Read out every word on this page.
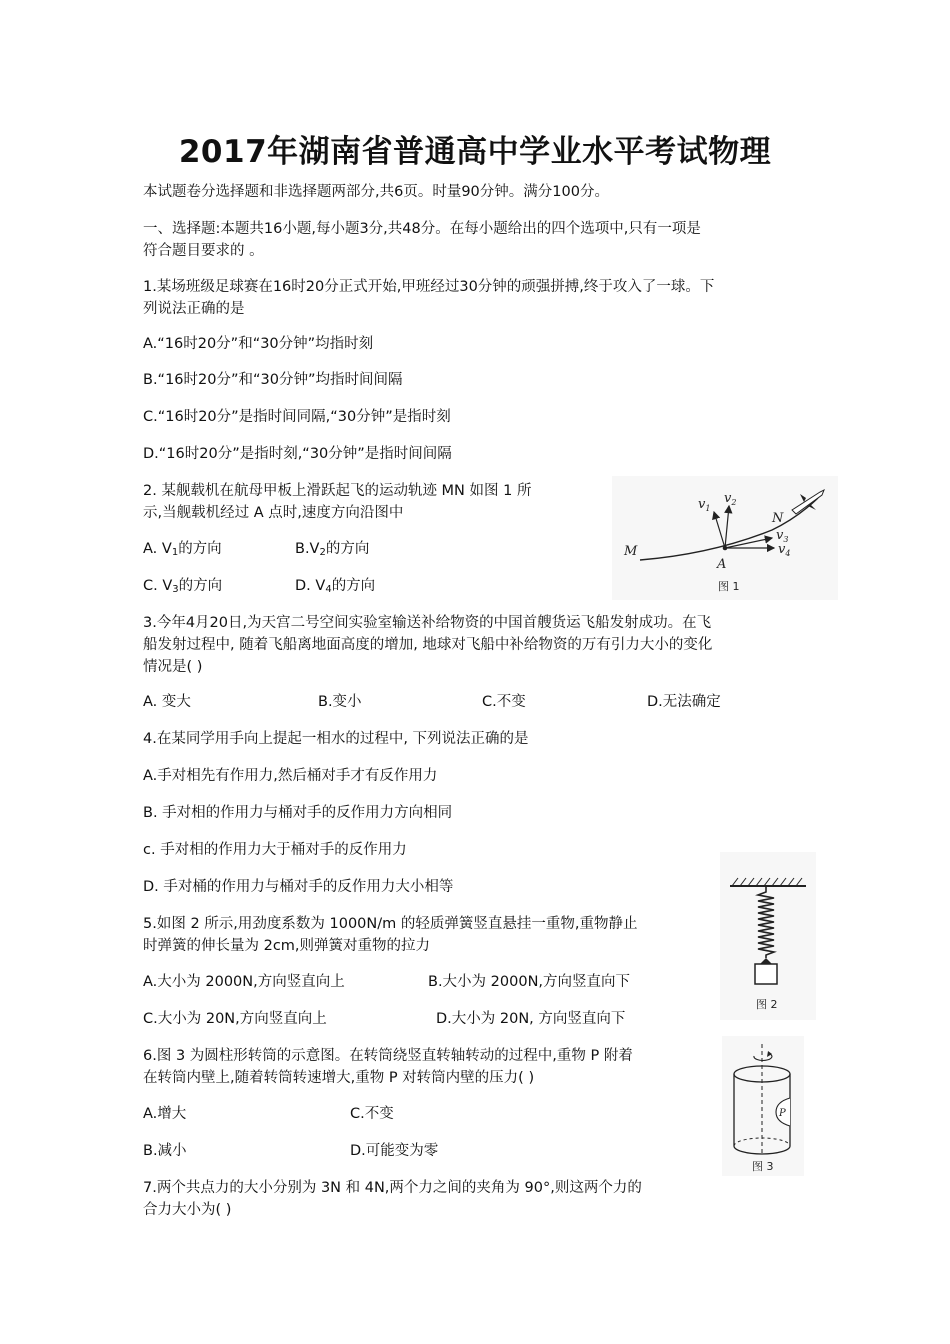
2017年湖南省普通高中学业水平考试物理
本试题卷分选择题和非选择题两部分,共6页。时量90分钟。满分100分。
一、选择题:本题共16小题,每小题3分,共48分。在每小题给出的四个选项中,只有一项是
符合题目要求的 。
1.某场班级足球赛在16时20分正式开始,甲班经过30分钟的顽强拼搏,终于攻入了一球。下
列说法正确的是
A.“16时20分”和“30分钟”均指时刻
B.“16时20分”和“30分钟”均指时间间隔
C.“16时20分”是指时间同隔,“30分钟”是指时刻
D.“16时20分”是指时刻,“30分钟”是指时间间隔
2. 某舰载机在航母甲板上滑跃起飞的运动轨迹 MN 如图 1 所
示,当舰载机经过 A 点时,速度方向沿图中
A. $V_1$的方向	$B.V_2$的方向
C. $V_3$的方向	D. $V_4$的方向
M
N
A
$v_1$
$v_2$
$v_3$
$v_4$
图 1
3.今年4月20日,为天宫二号空间实验室输送补给物资的中国首艘货运飞船发射成功。在飞
船发射过程中, 随着飞船离地面高度的增加, 地球对飞船中补给物资的万有引力大小的变化
情况是( )
A. 变大	B.变小	C.不变	D.无法确定
4.在某同学用手向上提起一相水的过程中, 下列说法正确的是
A.手对相先有作用力,然后桶对手才有反作用力
B. 手对相的作用力与桶对手的反作用力方向相同
c. 手对相的作用力大于桶对手的反作用力
D. 手对桶的作用力与桶对手的反作用力大小相等
5.如图 2 所示,用劲度系数为 1000N/m 的轻质弹簧竖直悬挂一重物,重物静止
时弹簧的伸长量为 2cm,则弹簧对重物的拉力
A.大小为 2000N,方向竖直向上	B.大小为 2000N,方向竖直向下
C.大小为 20N,方向竖直向上	D.大小为 20N, 方向竖直向下
图 2
6.图 3 为圆柱形转筒的示意图。在转筒绕竖直转轴转动的过程中,重物 P 附着
在转筒内壁上,随着转筒转速增大,重物 P 对转筒内壁的压力( )
A.增大	C.不变
B.减小	D.可能变为零
P
图 3
7.两个共点力的大小分别为 3N 和 4N,两个力之间的夹角为 90°,则这两个力的
合力大小为( )
